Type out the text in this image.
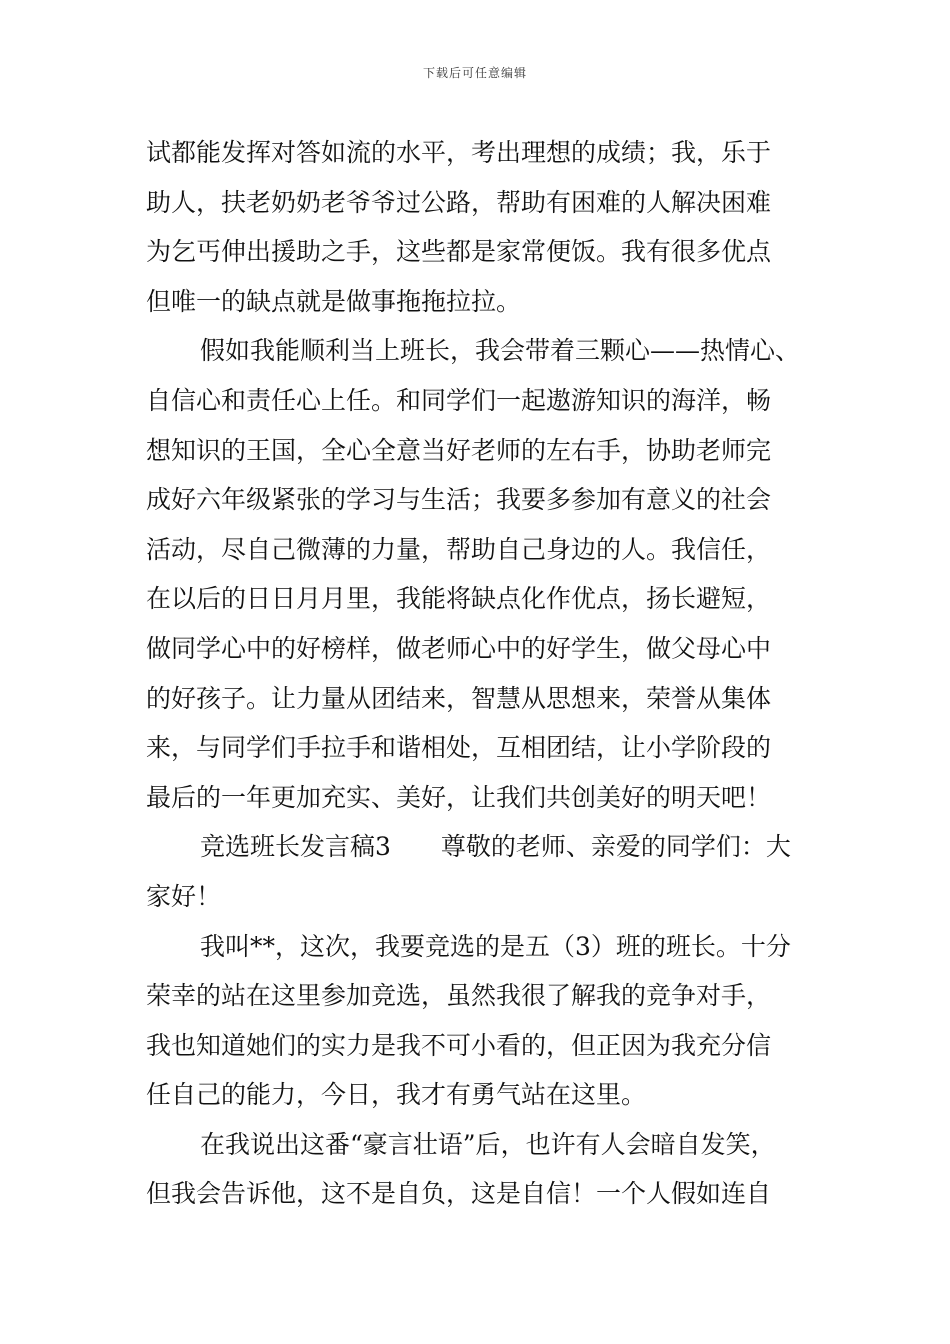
下载后可任意编辑
试都能发挥对答如流的水平，考出理想的成绩；我，乐于
助人，扶老奶奶老爷爷过公路，帮助有困难的人解决困难
为乞丐伸出援助之手，这些都是家常便饭。我有很多优点
但唯一的缺点就是做事拖拖拉拉。
假如我能顺利当上班长，我会带着三颗心——热情心、
自信心和责任心上任。和同学们一起遨游知识的海洋，畅
想知识的王国，全心全意当好老师的左右手，协助老师完
成好六年级紧张的学习与生活；我要多参加有意义的社会
活动，尽自己微薄的力量，帮助自己身边的人。我信任，
在以后的日日月月里，我能将缺点化作优点，扬长避短，
做同学心中的好榜样，做老师心中的好学生，做父母心中
的好孩子。让力量从团结来，智慧从思想来，荣誉从集体
来，与同学们手拉手和谐相处，互相团结，让小学阶段的
最后的一年更加充实、美好，让我们共创美好的明天吧！
竞选班长发言稿3　　尊敬的老师、亲爱的同学们：大
家好！
我叫**，这次，我要竞选的是五（3）班的班长。十分
荣幸的站在这里参加竞选，虽然我很了解我的竞争对手，
我也知道她们的实力是我不可小看的，但正因为我充分信
任自己的能力，今日，我才有勇气站在这里。
在我说出这番“豪言壮语”后，也许有人会暗自发笑，
但我会告诉他，这不是自负，这是自信！一个人假如连自
